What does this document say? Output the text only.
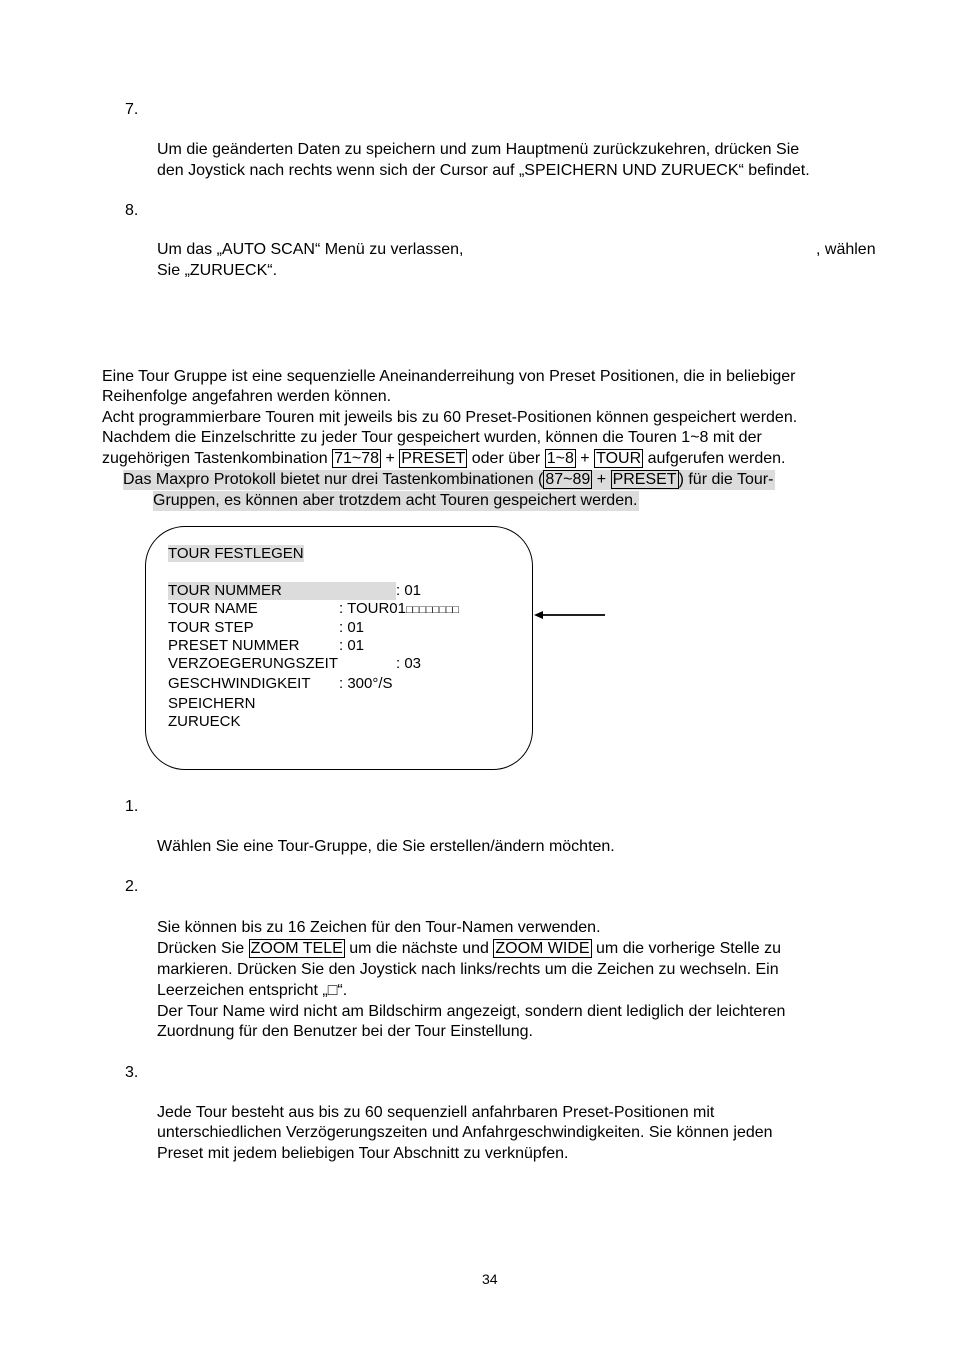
7.
Um die geänderten Daten zu speichern und zum Hauptmenü zurückzukehren, drücken Sie
den Joystick nach rechts wenn sich der Cursor auf „SPEICHERN UND ZURUECK“ befindet.
8.
Um das „AUTO SCAN“ Menü zu verlassen,	, wählen
Sie „ZURUECK“.
Eine Tour Gruppe ist eine sequenzielle Aneinanderreihung von Preset Positionen, die in beliebiger
Reihenfolge angefahren werden können.
Acht programmierbare Touren mit jeweils bis zu 60 Preset-Positionen können gespeichert werden.
Nachdem die Einzelschritte zu jeder Tour gespeichert wurden, können die Touren 1~8 mit der
zugehörigen Tastenkombination 71~78 + PRESET oder über 1~8 + TOUR aufgerufen werden.
Das Maxpro Protokoll bietet nur drei Tastenkombinationen ( 87~89 + PRESET ) für die Tour-
Gruppen, es können aber trotzdem acht Touren gespeichert werden.
TOUR FESTLEGEN
TOUR NUMMER	: 01
TOUR NAME	: TOUR01□□□□□□□□
TOUR STEP	: 01
PRESET NUMMER	: 01
VERZOEGERUNGSZEIT	: 03
GESCHWINDIGKEIT : 300°/S
SPEICHERN
ZURUECK
1.
Wählen Sie eine Tour-Gruppe, die Sie erstellen/ändern möchten.
2.
Sie können bis zu 16 Zeichen für den Tour-Namen verwenden.
Drücken Sie ZOOM TELE um die nächste und ZOOM WIDE um die vorherige Stelle zu
markieren. Drücken Sie den Joystick nach links/rechts um die Zeichen zu wechseln. Ein
Leerzeichen entspricht „□“.
Der Tour Name wird nicht am Bildschirm angezeigt, sondern dient lediglich der leichteren
Zuordnung für den Benutzer bei der Tour Einstellung.
3.
Jede Tour besteht aus bis zu 60 sequenziell anfahrbaren Preset-Positionen mit
unterschiedlichen Verzögerungszeiten und Anfahrgeschwindigkeiten. Sie können jeden
Preset mit jedem beliebigen Tour Abschnitt zu verknüpfen.
34
